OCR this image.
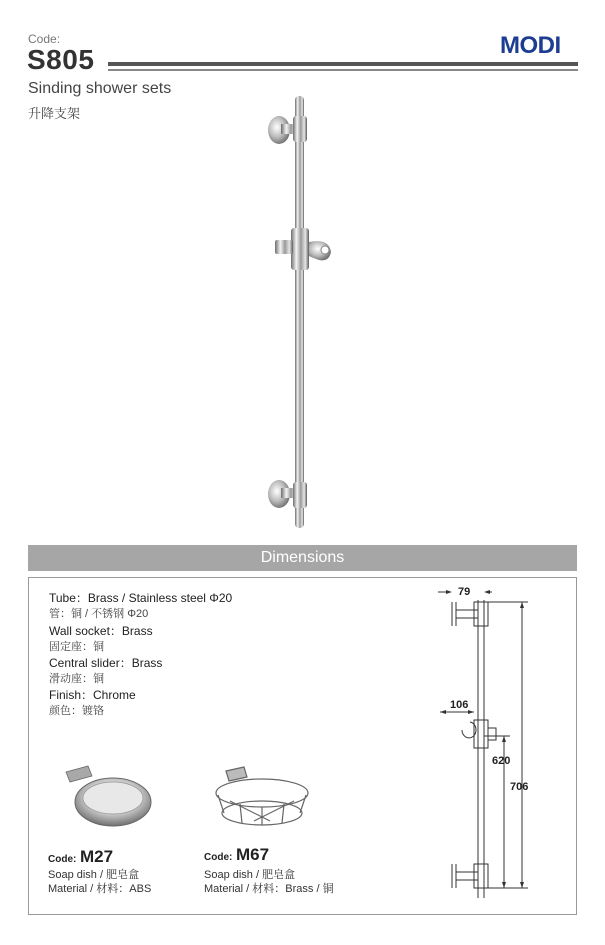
Code:
S805	MODI
Sinding shower sets
升降支架
Dimensions
Tube：Brass / Stainless steel Φ20
管：铜 / 不锈钢 Φ20
Wall socket：Brass
固定座：铜
Central slider：Brass
滑动座：铜
Finish：Chrome
颜色：镀铬
Code: M27
Soap dish / 肥皂盒
Material / 材料：ABS
Code: M67
Soap dish / 肥皂盒
Material / 材料：Brass / 铜
79
106
620
706
